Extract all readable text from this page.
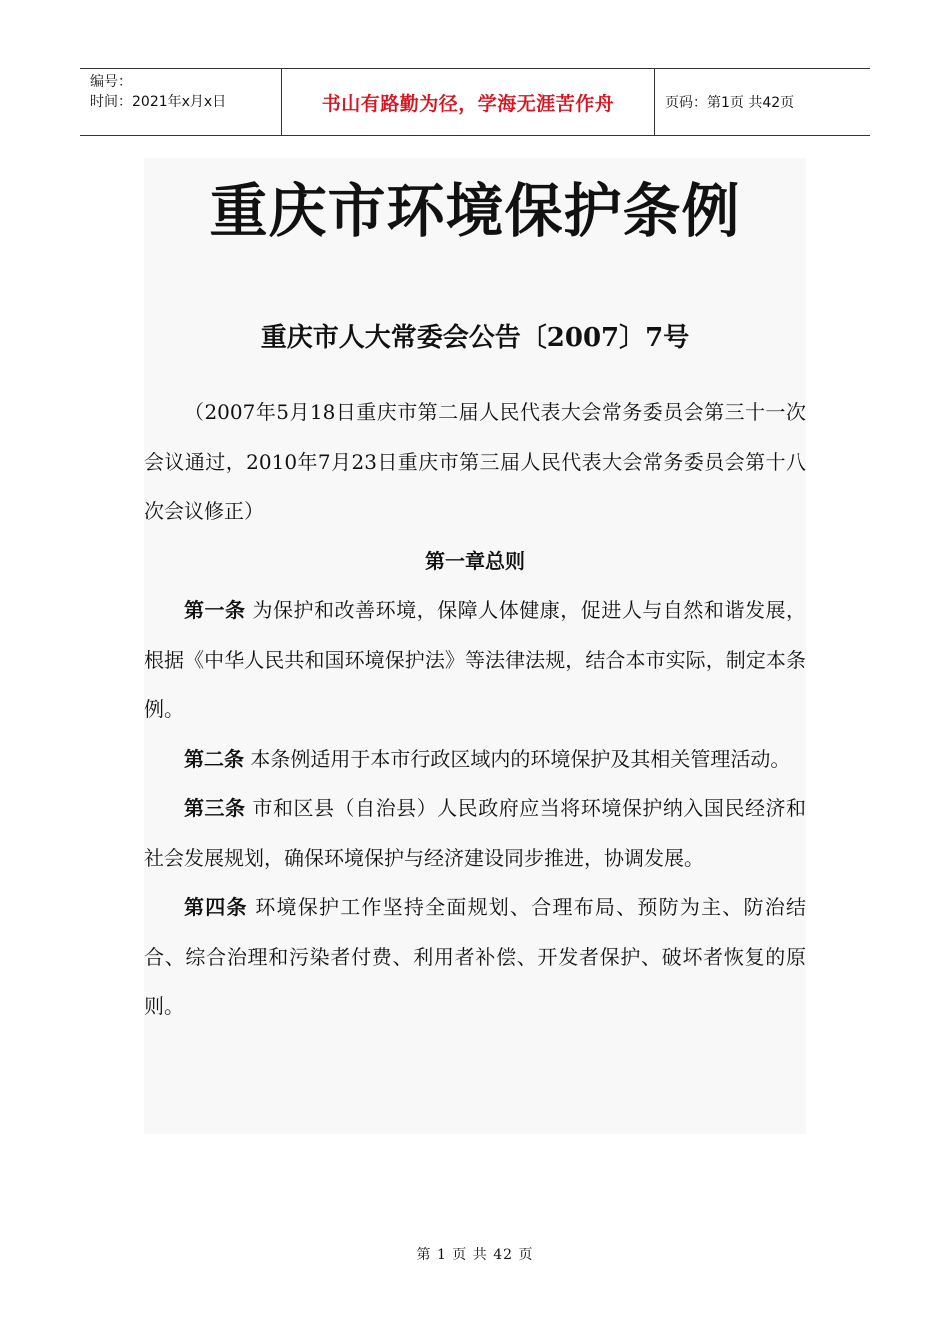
编号：
时间：2021年x月x日	书山有路勤为径，学海无涯苦作舟	页码：第1页 共42页
重庆市环境保护条例
重庆市人大常委会公告〔2007〕7号

（2007年5月18日重庆市第二届人民代表大会常务委员会第三十一次会议通过，2010年7月23日重庆市第三届人民代表大会常务委员会第十八次会议修正）

第一章总则

第一条 为保护和改善环境，保障人体健康，促进人与自然和谐发展，根据《中华人民共和国环境保护法》等法律法规，结合本市实际，制定本条例。

第二条 本条例适用于本市行政区域内的环境保护及其相关管理活动。

第三条 市和区县（自治县）人民政府应当将环境保护纳入国民经济和社会发展规划，确保环境保护与经济建设同步推进，协调发展。

第四条 环境保护工作坚持全面规划、合理布局、预防为主、防治结合、综合治理和污染者付费、利用者补偿、开发者保护、破坏者恢复的原则。

第 1 页 共 42 页
